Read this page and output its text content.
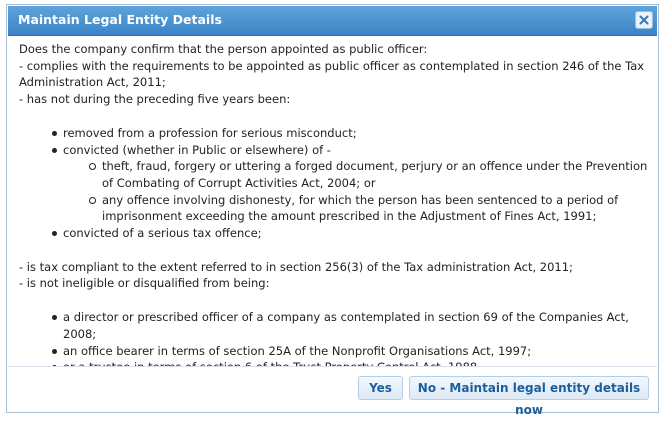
Maintain Legal Entity Details

Does the company confirm that the person appointed as public officer:

- complies with the requirements to be appointed as public officer as contemplated in section 246 of the Tax Administration Act, 2011;

- has not during the preceding five years been:

removed from a profession for serious misconduct;
convicted (whether in Public or elsewhere) of -
theft, fraud, forgery or uttering a forged document, perjury or an offence under the Prevention of Combating of Corrupt Activities Act, 2004; or
any offence involving dishonesty, for which the person has been sentenced to a period of imprisonment exceeding the amount prescribed in the Adjustment of Fines Act, 1991;
convicted of a serious tax offence;

- is tax compliant to the extent referred to in section 256(3) of the Tax administration Act, 2011;

- is not ineligible or disqualified from being:

a director or prescribed officer of a company as contemplated in section 69 of the Companies Act, 2008;
an office bearer in terms of section 25A of the Nonprofit Organisations Act, 1997;
Yes	No - Maintain legal entity details now
